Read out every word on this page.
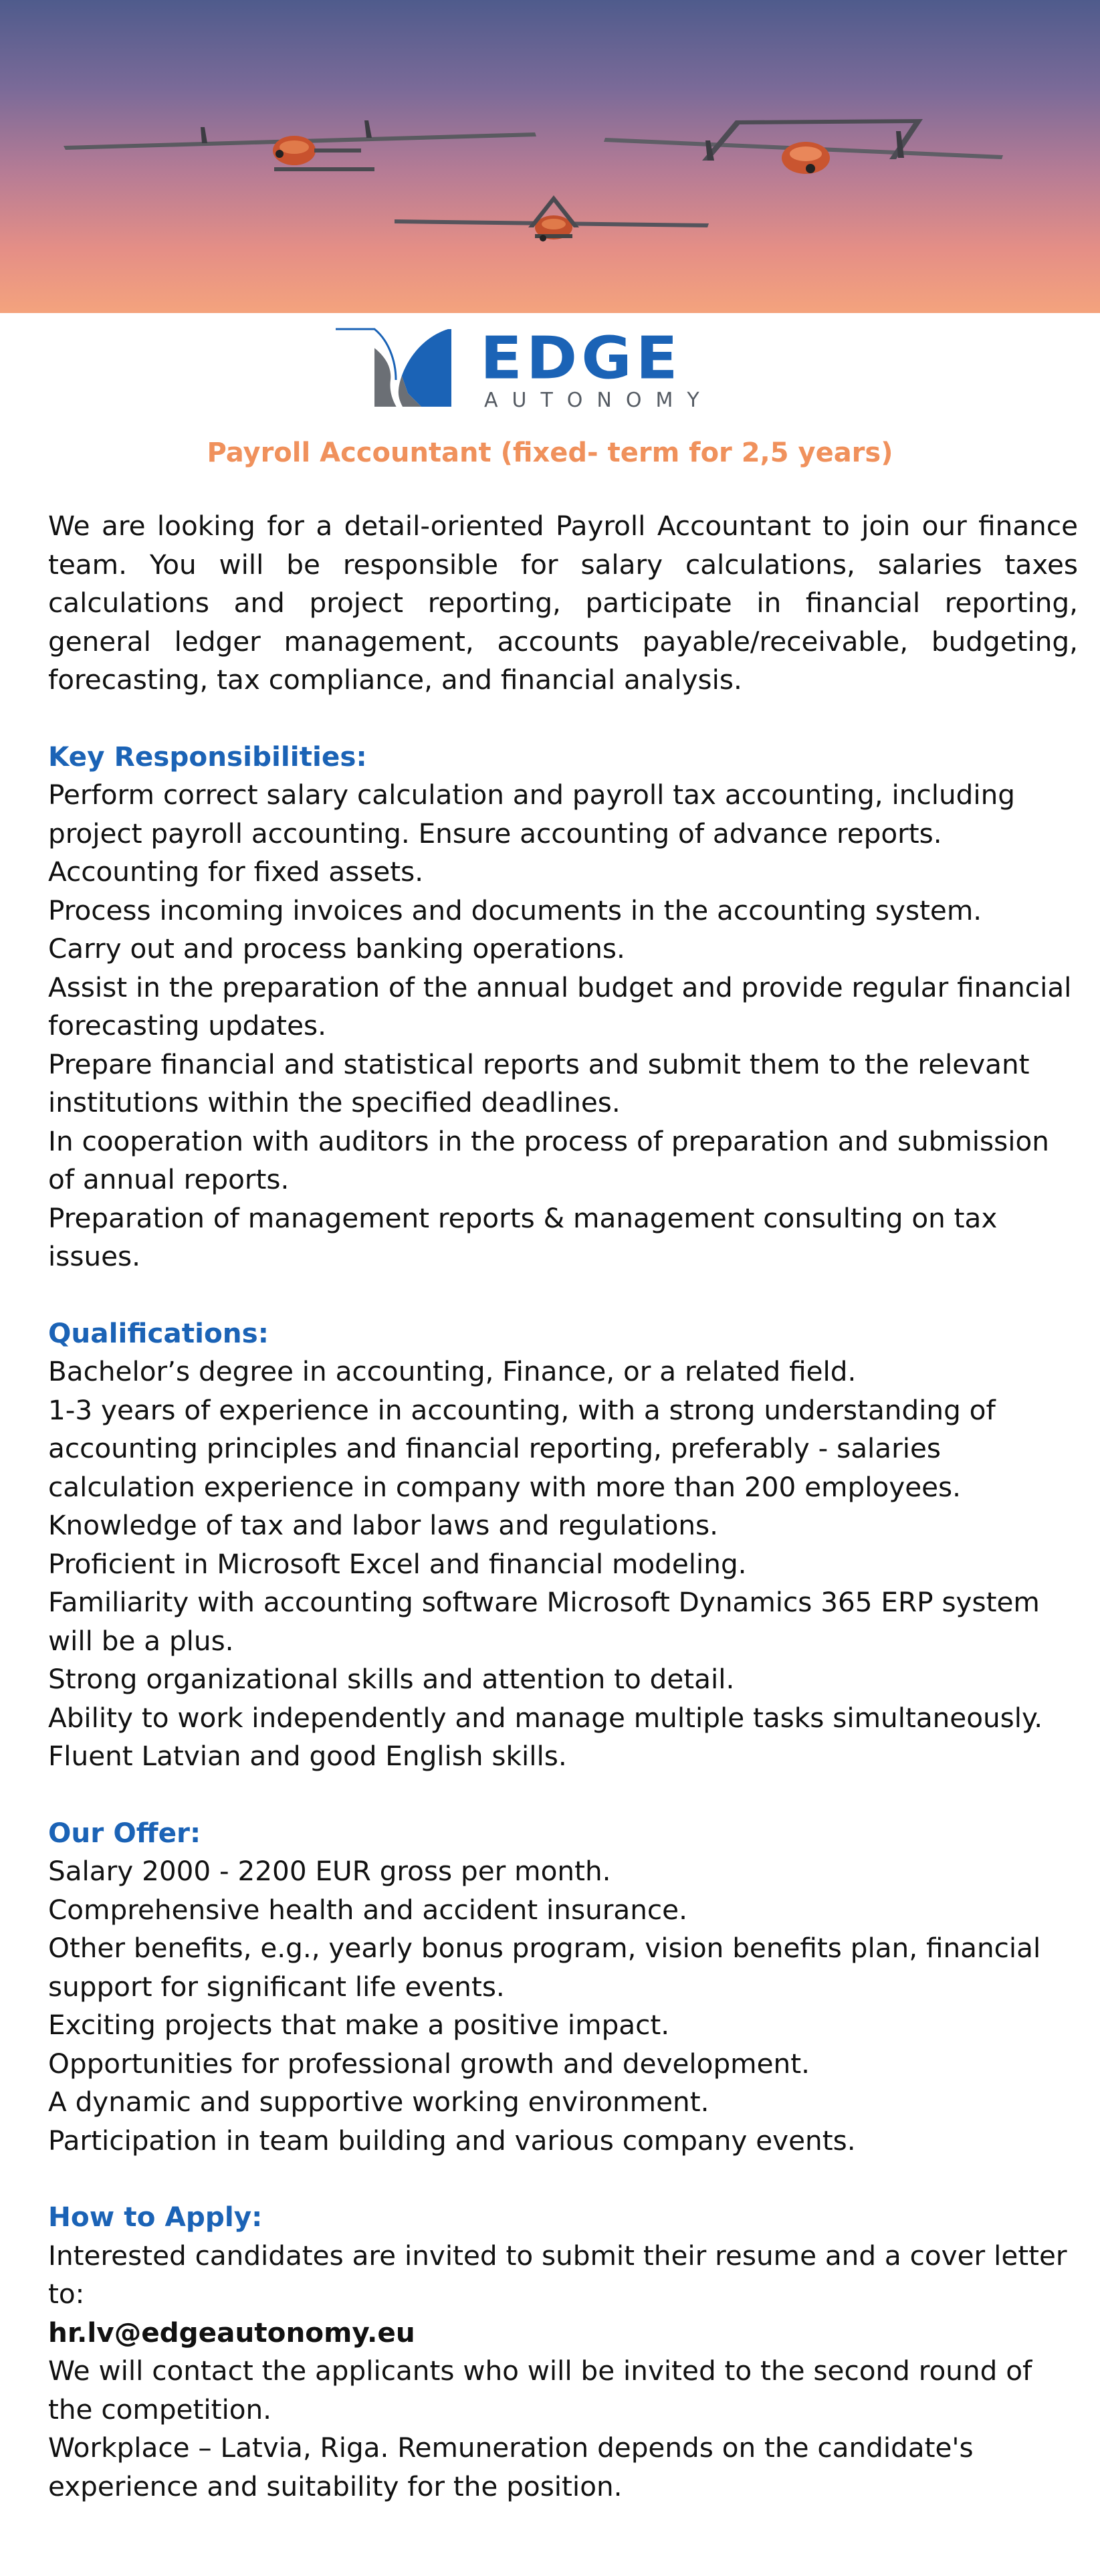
EDGE
AUTONOMY
Payroll Accountant (fixed- term for 2,5 years)

We are looking for a detail-oriented Payroll Accountant to join our finance team. You will be responsible for salary calculations, salaries taxes calculations and project reporting, participate in financial reporting, general ledger management, accounts payable/receivable, budgeting, forecasting, tax compliance, and financial analysis.

Key Responsibilities:
Perform correct salary calculation and payroll tax accounting, including project payroll accounting. Ensure accounting of advance reports.
Accounting for fixed assets.
Process incoming invoices and documents in the accounting system.
Carry out and process banking operations.
Assist in the preparation of the annual budget and provide regular financial forecasting updates.
Prepare financial and statistical reports and submit them to the relevant institutions within the specified deadlines.
In cooperation with auditors in the process of preparation and submission of annual reports.
Preparation of management reports & management consulting on tax issues.
Qualifications:
Bachelor’s degree in accounting, Finance, or a related field.
1-3 years of experience in accounting, with a strong understanding of accounting principles and financial reporting, preferably - salaries calculation experience in company with more than 200 employees.
Knowledge of tax and labor laws and regulations.
Proficient in Microsoft Excel and financial modeling.
Familiarity with accounting software Microsoft Dynamics 365 ERP system will be a plus.
Strong organizational skills and attention to detail.
Ability to work independently and manage multiple tasks simultaneously.
Fluent Latvian and good English skills.
Our Offer:
Salary 2000 - 2200 EUR gross per month.
Comprehensive health and accident insurance.
Other benefits, e.g., yearly bonus program, vision benefits plan, financial support for significant life events.
Exciting projects that make a positive impact.
Opportunities for professional growth and development.
A dynamic and supportive working environment.
Participation in team building and various company events.
How to Apply:
Interested candidates are invited to submit their resume and a cover letter to:
hr.lv@edgeautonomy.eu
We will contact the applicants who will be invited to the second round of the competition.
Workplace – Latvia, Riga. Remuneration depends on the candidate's experience and suitability for the position.
